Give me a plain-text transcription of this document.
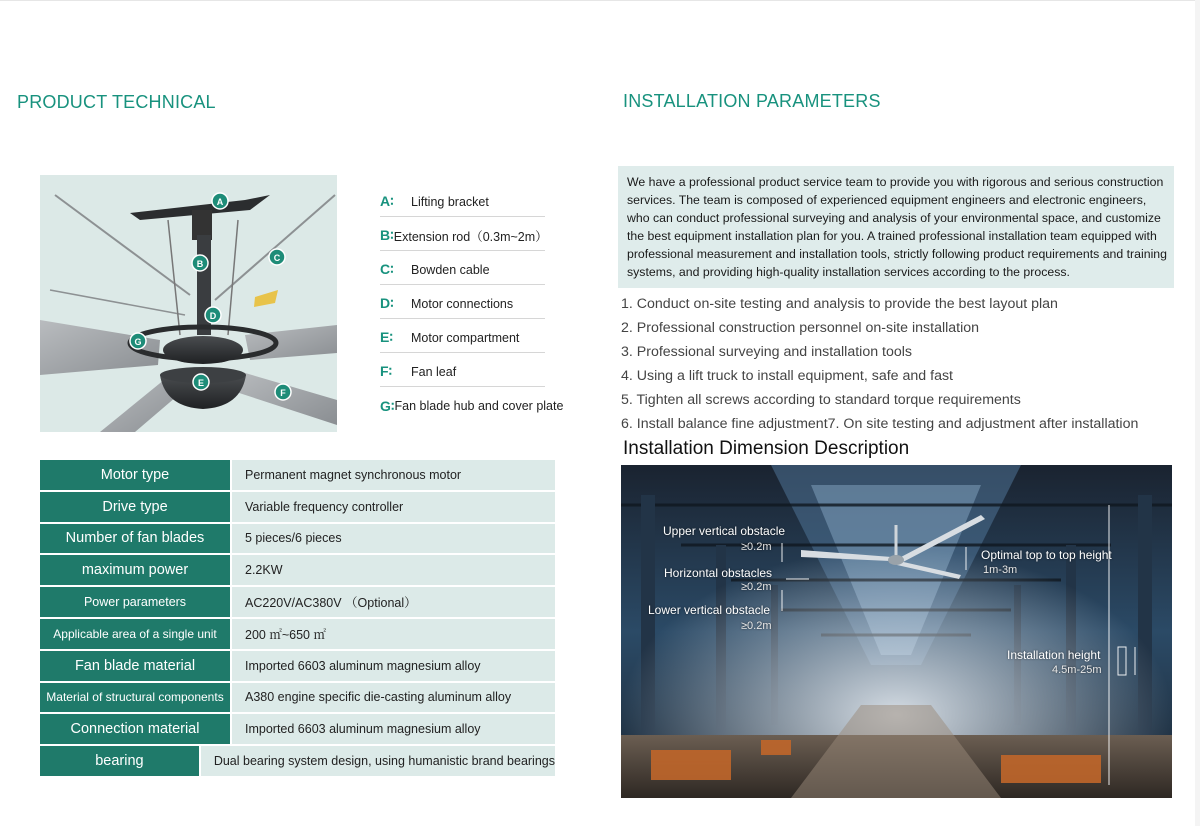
PRODUCT TECHNICAL
A
B
C
D
E
F
G
A∶	Lifting bracket
B∶ Extension rod（0.3m~2m）
C∶	Bowden cable
D∶	Motor connections
E∶	Motor compartment
F∶	Fan leaf
G∶ Fan blade hub and cover plate
Motor type	Permanent magnet synchronous motor
Drive type	Variable frequency controller
Number of fan blades	5 pieces/6 pieces
maximum power	2.2KW
Power parameters	AC220V/AC380V （Optional）
Applicable area of a single unit	200 ㎡~650 ㎡
Fan blade material	Imported 6603 aluminum magnesium alloy
Material of structural components	A380 engine specific die-casting aluminum alloy
Connection material	Imported 6603 aluminum magnesium alloy
bearing	Dual bearing system design, using humanistic brand bearings
INSTALLATION PARAMETERS
We have a professional product service team to provide you with rigorous and serious construction services. The team is composed of experienced equipment engineers and electronic engineers, who can conduct professional surveying and analysis of your environmental space, and customize the best equipment installation plan for you. A trained professional installation team equipped with professional measurement and installation tools, strictly following product requirements and training systems, and providing high-quality installation services according to the process.
1. Conduct on-site testing and analysis to provide the best layout plan
2. Professional construction personnel on-site installation
3. Professional surveying and installation tools
4. Using a lift truck to install equipment, safe and fast
5. Tighten all screws according to standard torque requirements
6. Install balance fine adjustment7. On site testing and adjustment after installation
Installation Dimension Description
Upper vertical obstacle
≥0.2m
Horizontal obstacles
≥0.2m
Lower vertical obstacle
≥0.2m
Optimal top to top height
1m-3m
Installation height
4.5m-25m
